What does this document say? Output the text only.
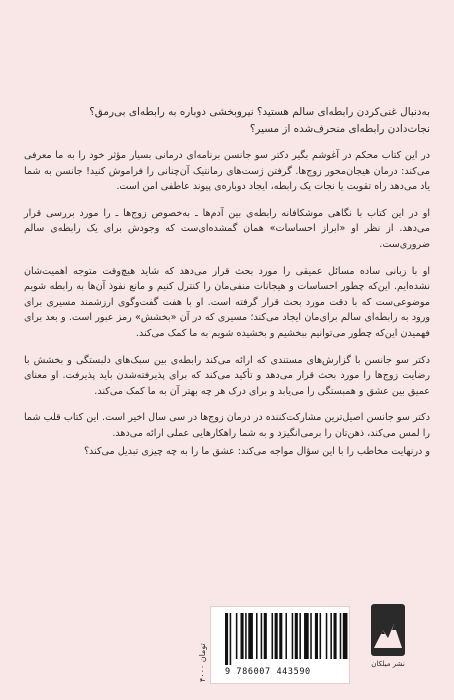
به‌دنبال غنی‌کردن رابطه‌ای سالم هستید؟ نیروبخشی دوباره به رابطه‌ای بی‌رمق؟
نجات‌دادن رابطه‌ای منحرف‌شده از مسیر؟

در این کتاب محکم در آغوشم بگیر دکتر سو جانسن برنامه‌ای درمانی بسیار مؤثر خود را به ما معرفی می‌کند: درمان هیجان‌محور زوج‌ها. گرفتن ژست‌های رمانتیک آن‌چنانی را فراموش کنید! جانسن به شما یاد می‌دهد راه تقویت یا نجات یک رابطه، ایجاد دوباره‌ی پیوند عاطفی امن است.

او در این کتاب با نگاهی موشکافانه رابطه‌ی بین آدم‌ها ـ به‌خصوص زوج‌ها ـ را مورد بررسی قرار می‌دهد. از نظر او «ابراز احساسات» همان گمشده‌ای‌ست که وجودش برای یک رابطه‌ی سالم ضروری‌ست.

او با زبانی ساده مسائل عمیقی را مورد بحث قرار می‌دهد که شاید هیچ‌وقت متوجه اهمیت‌شان نشده‌ایم. این‌که چطور احساسات و هیجانات منفی‌مان را کنترل کنیم و مانع نفوذ آن‌ها به رابطه شویم موضوعی‌ست که با دقت مورد بحث قرار گرفته است. او با هفت گفت‌وگوی ارزشمند مسیری برای ورود به رابطه‌ای سالم برای‌مان ایجاد می‌کند؛ مسیری که در آن «بخشش» رمز عبور است. و بعد برای فهمیدن این‌که چطور می‌توانیم ببخشیم و بخشیده شویم به ما کمک می‌کند.

دکتر سو جانسن با گزارش‌های مستندی که ارائه می‌کند رابطه‌ی بین سبک‌های دلبستگی و بخشش با رضایت زوج‌ها را مورد بحث قرار می‌دهد و تأکید می‌کند که برای پذیرفته‌شدن باید پذیرفت. او معنای عمیق بین عشق و همبستگی را می‌یابد و برای درک هر چه بهتر آن به ما کمک می‌کند.

دکتر سو جانسن اصیل‌ترین مشارکت‌کننده در درمان زوج‌ها در سی سال اخیر است. این کتاب قلب شما را لمس می‌کند، ذهن‌تان را برمی‌انگیزد و به شما راهکارهایی عملی ارائه می‌دهد.

و درنهایت مخاطب را با این سؤال مواجه می‌کند: عشق ما را به چه چیزی تبدیل می‌کند؟

۴۰۰۰ تومان
9 786007 443590
نشر میلکان
